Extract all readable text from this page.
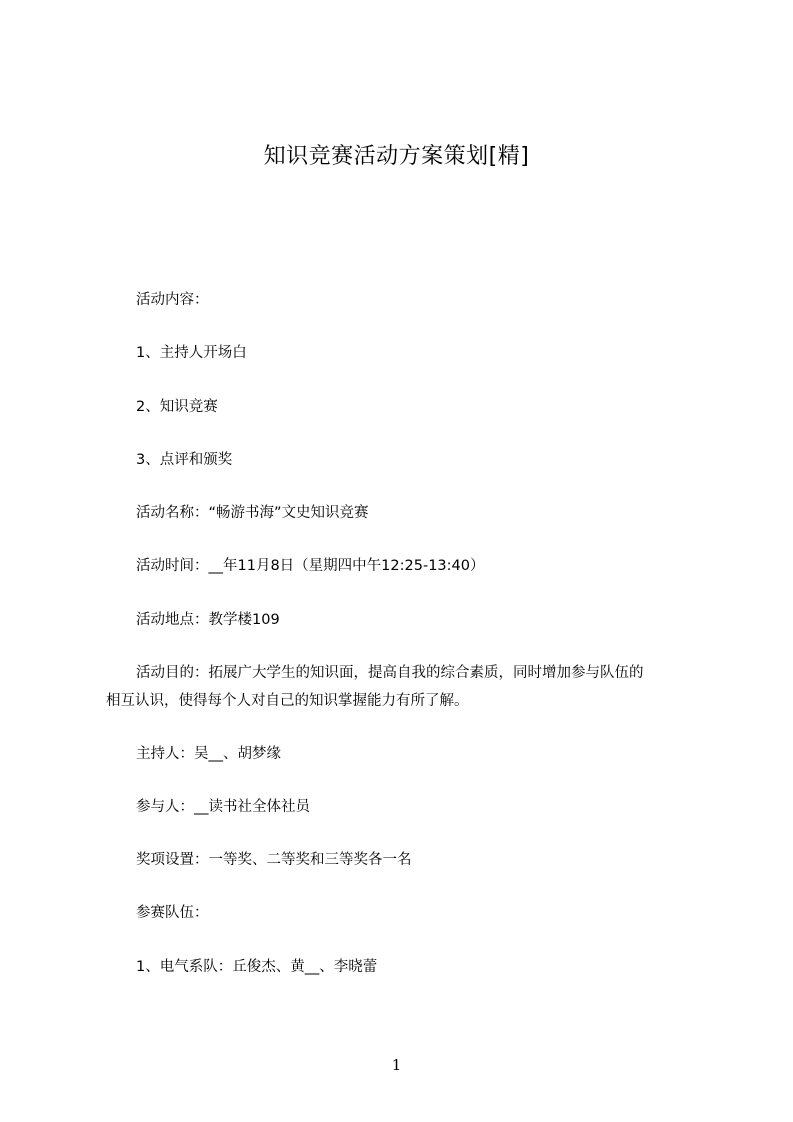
知识竞赛活动方案策划[精]
活动内容：
1、主持人开场白
2、知识竞赛
3、点评和颁奖
活动名称：“畅游书海”文史知识竞赛
活动时间：__年11月8日（星期四中午12:25-13:40）
活动地点：教学楼109
活动目的：拓展广大学生的知识面，提高自我的综合素质，同时增加参与队伍的
相互认识，使得每个人对自己的知识掌握能力有所了解。
主持人：吴__、胡梦缘
参与人：__读书社全体社员
奖项设置：一等奖、二等奖和三等奖各一名
参赛队伍：
1、电气系队：丘俊杰、黄__、李晓蕾
1
